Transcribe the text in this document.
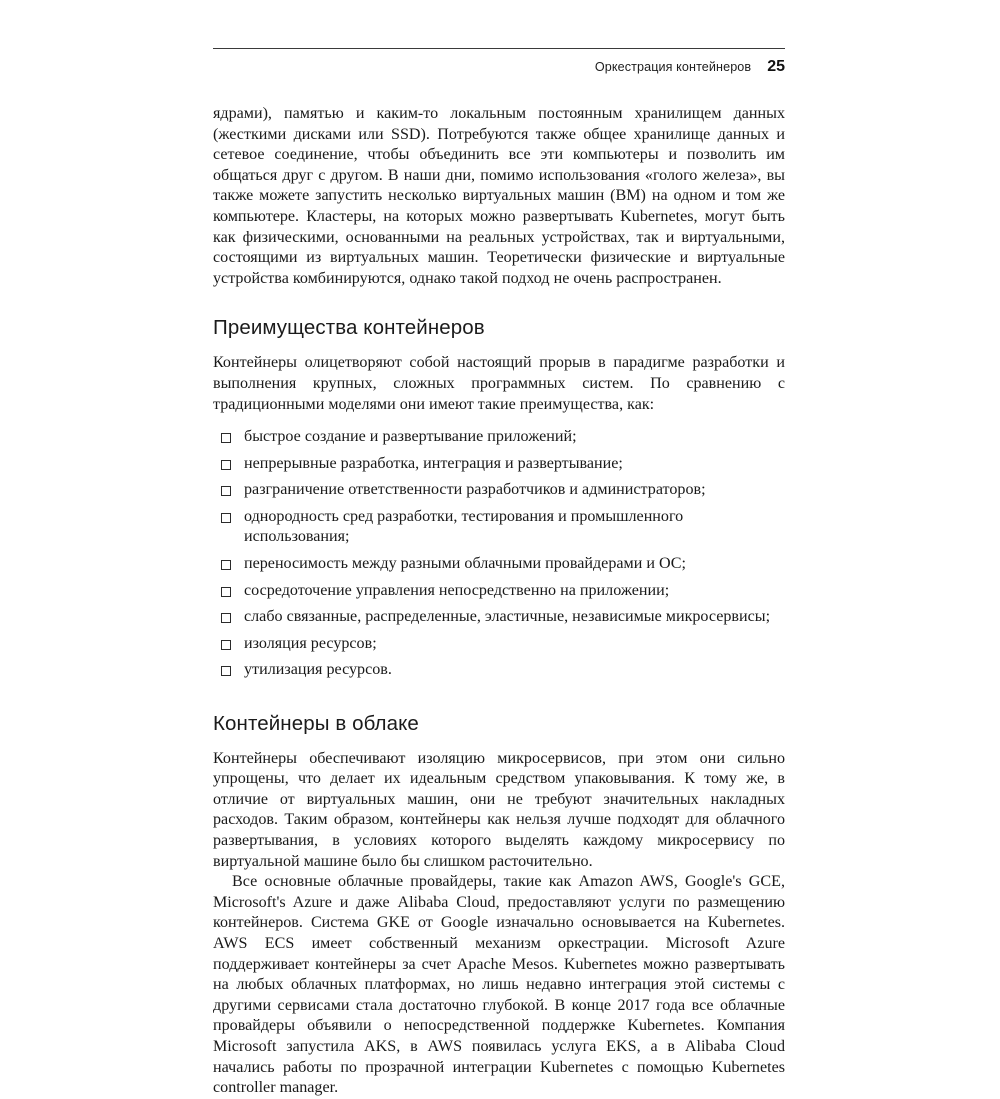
Оркестрация контейнеров 25

ядрами), памятью и каким-то локальным постоянным хранилищем данных (жесткими дисками или SSD). Потребуются также общее хранилище данных и сетевое соединение, чтобы объединить все эти компьютеры и позволить им общаться друг с другом. В наши дни, помимо использования «голого железа», вы также можете запустить несколько виртуальных машин (ВМ) на одном и том же компьютере. Кластеры, на которых можно развертывать Kubernetes, могут быть как физическими, основанными на реальных устройствах, так и виртуальными, состоящими из виртуальных машин. Теоретически физические и виртуальные устройства комбинируются, однако такой подход не очень распространен.

Преимущества контейнеров

Контейнеры олицетворяют собой настоящий прорыв в парадигме разработки и выполнения крупных, сложных программных систем. По сравнению с традиционными моделями они имеют такие преимущества, как:

быстрое создание и развертывание приложений;
непрерывные разработка, интеграция и развертывание;
разграничение ответственности разработчиков и администраторов;
однородность сред разработки, тестирования и промышленного использования;
переносимость между разными облачными провайдерами и ОС;
сосредоточение управления непосредственно на приложении;
слабо связанные, распределенные, эластичные, независимые микросервисы;
изоляция ресурсов;
утилизация ресурсов.
Контейнеры в облаке

Контейнеры обеспечивают изоляцию микросервисов, при этом они сильно упрощены, что делает их идеальным средством упаковывания. К тому же, в отличие от виртуальных машин, они не требуют значительных накладных расходов. Таким образом, контейнеры как нельзя лучше подходят для облачного развертывания, в условиях которого выделять каждому микросервису по виртуальной машине было бы слишком расточительно.

Все основные облачные провайдеры, такие как Amazon AWS, Google's GCE, Microsoft's Azure и даже Alibaba Cloud, предоставляют услуги по размещению контейнеров. Система GKE от Google изначально основывается на Kubernetes. AWS ECS имеет собственный механизм оркестрации. Microsoft Azure поддерживает контейнеры за счет Apache Mesos. Kubernetes можно развертывать на любых облачных платформах, но лишь недавно интеграция этой системы с другими сервисами стала достаточно глубокой. В конце 2017 года все облачные провайдеры объявили о непосредственной поддержке Kubernetes. Компания Microsoft запустила AKS, в AWS появилась услуга EKS, а в Alibaba Cloud начались работы по прозрачной интеграции Kubernetes с помощью Kubernetes controller manager.
